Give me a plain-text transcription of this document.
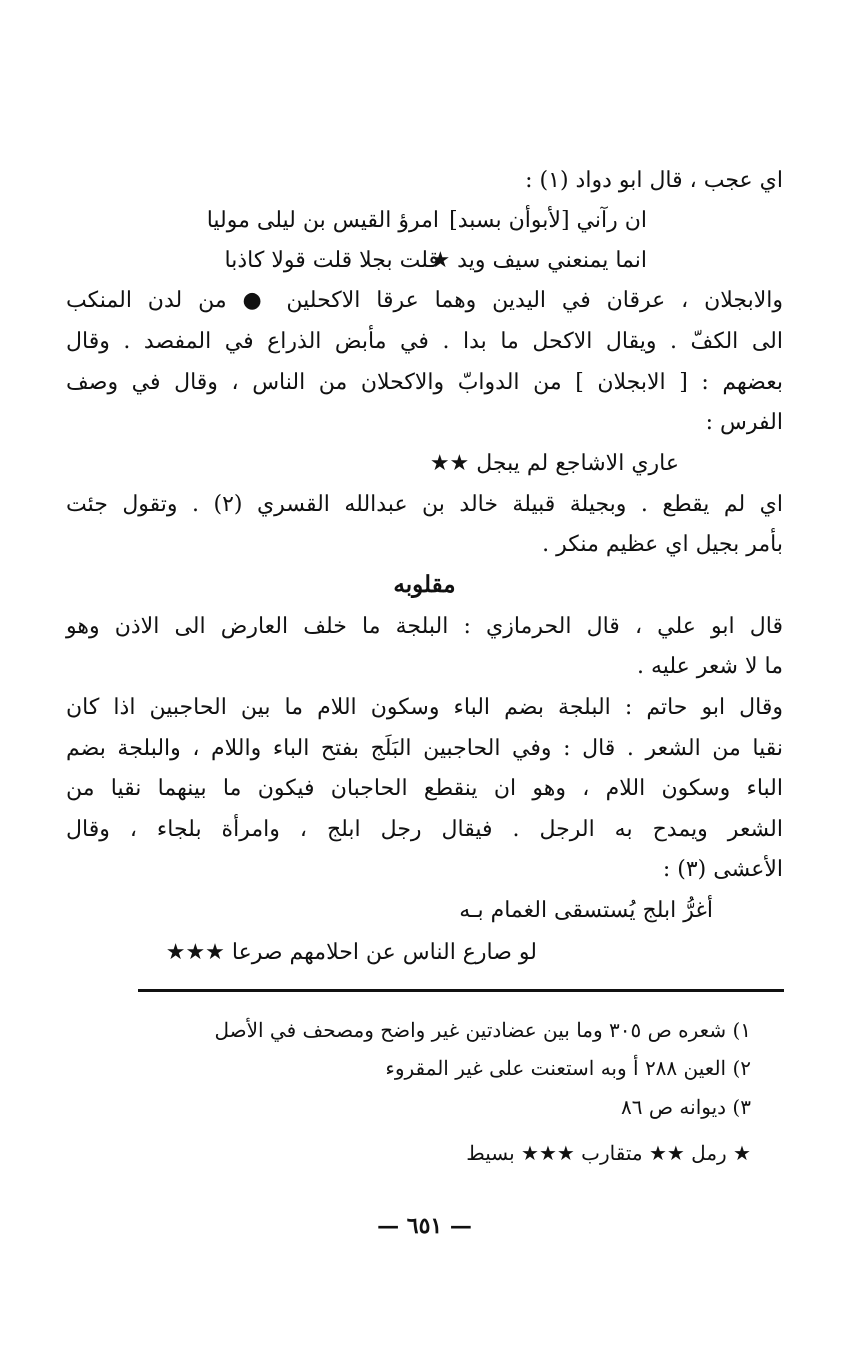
اي عجب ، قال ابو دواد (١) :
امرؤ القيس بن ليلى موليا ان رآني [لأبوأن بسبد]
قلت بجلا قلت قولا كاذبا
انما يمنعني سيف ويد ★
والابجلان ، عرقان في اليدين وهما عرقا الاكحلين ● من لدن المنكب
الى الكفّ . ويقال الاكحل ما بدا . في مأبض الذراع في المفصد . وقال
بعضهم : [ الابجلان ] من الدوابّ والاكحلان من الناس ، وقال في وصف
الفرس :
عاري الاشاجع لم يبجل ★★
اي لم يقطع . وبجيلة قبيلة خالد بن عبدالله القسري (٢) . وتقول جئت
بأمر بجيل اي عظيم منكر .
مقلوبه
قال ابو علي ، قال الحرمازي : البلجة ما خلف العارض الى الاذن وهو
ما لا شعر عليه .
وقال ابو حاتم : البلجة بضم الباء وسكون اللام ما بين الحاجبين اذا كان
نقيا من الشعر . قال : وفي الحاجبين البَلَج بفتح الباء واللام ، والبلجة بضم
الباء وسكون اللام ، وهو ان ينقطع الحاجبان فيكون ما بينهما نقيا من
الشعر ويمدح به الرجل . فيقال رجل ابلج ، وامرأة بلجاء ، وقال
الأعشى (٣) :
أغرُّ ابلج يُستسقى الغمام بـه
لو صارع الناس عن احلامهم صرعا ★★★
١) شعره ص ٣٠٥ وما بين عضادتين غير واضح ومصحف في الأصل
٢) العين ٢٨٨ أ وبه استعنت على غير المقروء
٣) ديوانه ص ٨٦
★ رمل ★★ متقارب ★★★ بسيط
— ٦٥١ —
